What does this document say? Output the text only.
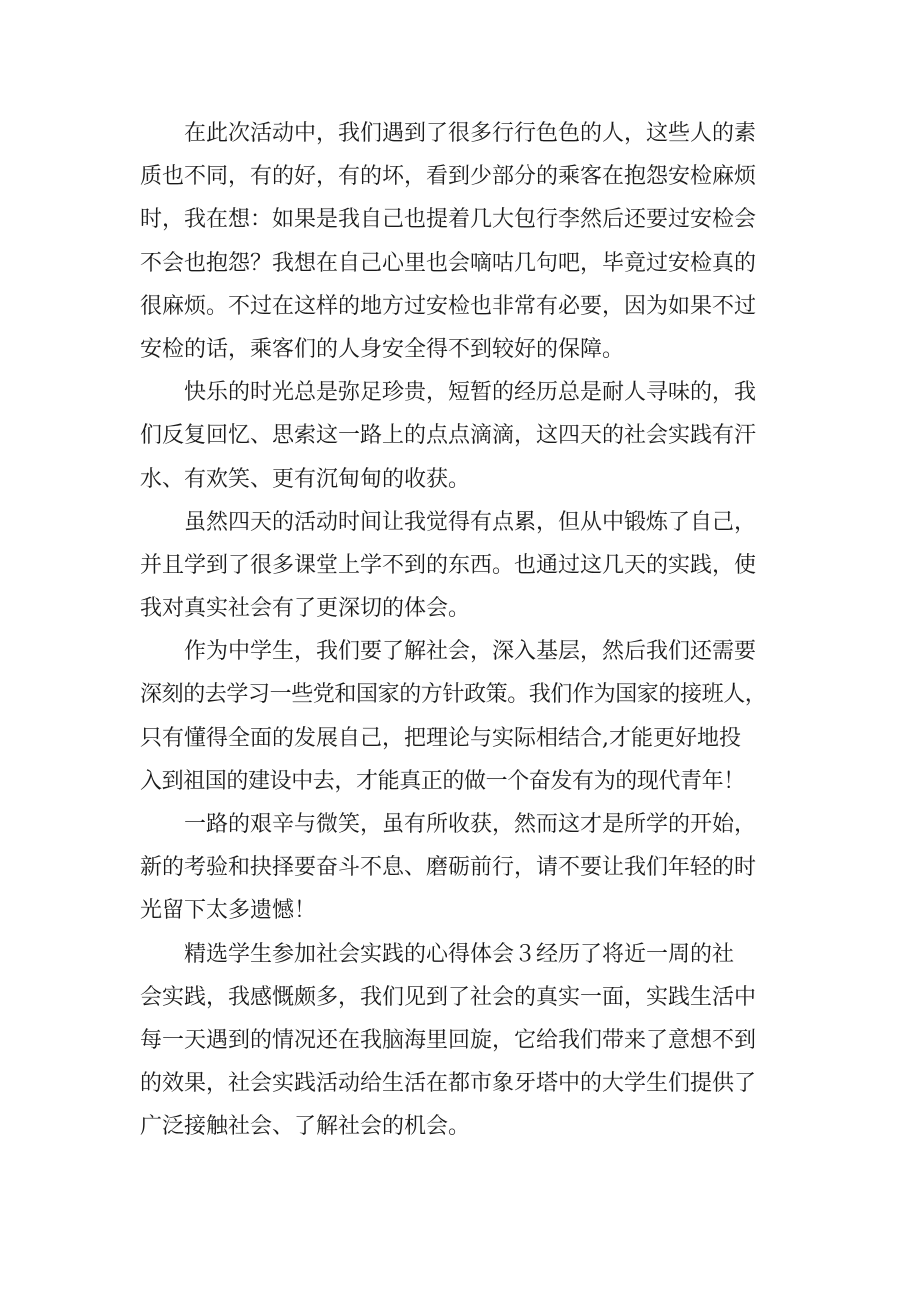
在此次活动中，我们遇到了很多行行色色的人，这些人的素
质也不同，有的好，有的坏，看到少部分的乘客在抱怨安检麻烦
时，我在想：如果是我自己也提着几大包行李然后还要过安检会
不会也抱怨？我想在自己心里也会嘀咕几句吧，毕竟过安检真的
很麻烦。不过在这样的地方过安检也非常有必要，因为如果不过
安检的话，乘客们的人身安全得不到较好的保障。
快乐的时光总是弥足珍贵，短暂的经历总是耐人寻味的，我
们反复回忆、思索这一路上的点点滴滴，这四天的社会实践有汗
水、有欢笑、更有沉甸甸的收获。
虽然四天的活动时间让我觉得有点累，但从中锻炼了自己，
并且学到了很多课堂上学不到的东西。也通过这几天的实践，使
我对真实社会有了更深切的体会。
作为中学生，我们要了解社会，深入基层，然后我们还需要
深刻的去学习一些党和国家的方针政策。我们作为国家的接班人，
只有懂得全面的发展自己，把理论与实际相结合,才能更好地投
入到祖国的建设中去，才能真正的做一个奋发有为的现代青年！
一路的艰辛与微笑，虽有所收获，然而这才是所学的开始，
新的考验和抉择要奋斗不息、磨砺前行，请不要让我们年轻的时
光留下太多遗憾！
精选学生参加社会实践的心得体会３经历了将近一周的社
会实践，我感慨颇多，我们见到了社会的真实一面，实践生活中
每一天遇到的情况还在我脑海里回旋，它给我们带来了意想不到
的效果，社会实践活动给生活在都市象牙塔中的大学生们提供了
广泛接触社会、了解社会的机会。
